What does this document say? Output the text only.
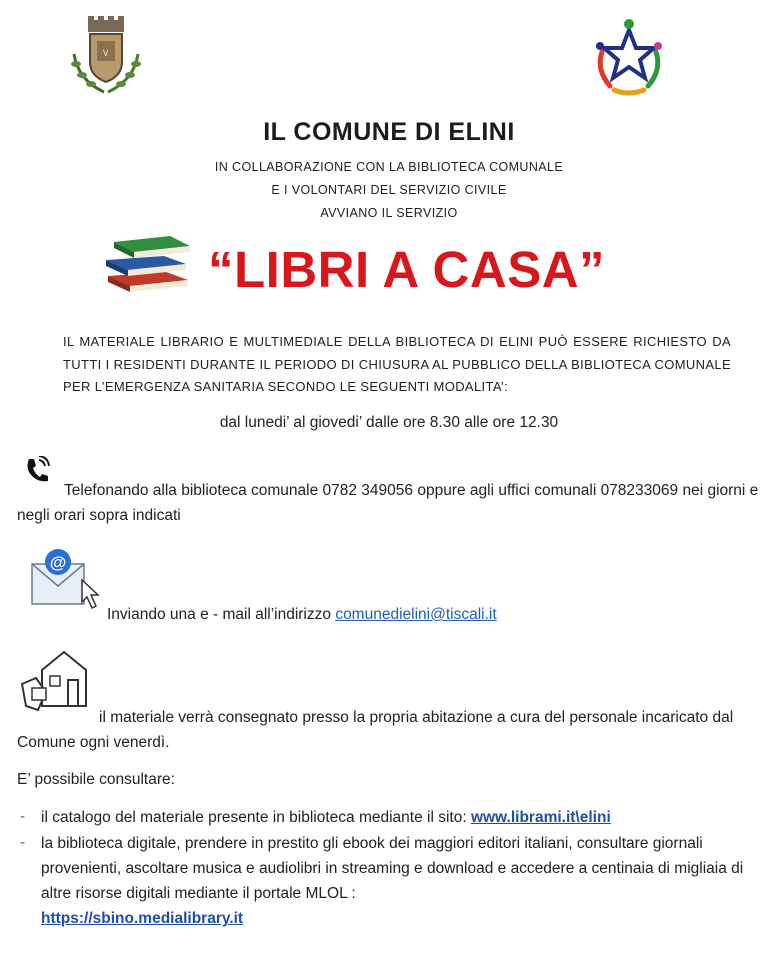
Ꮩ
IL COMUNE DI ELINI
IN COLLABORAZIONE CON LA BIBLIOTECA COMUNALE
E I VOLONTARI DEL SERVIZIO CIVILE
AVVIANO IL SERVIZIO
“LIBRI A CASA”
IL MATERIALE LIBRARIO E MULTIMEDIALE DELLA BIBLIOTECA DI ELINI PUÒ ESSERE RICHIESTO DA TUTTI I RESIDENTI DURANTE IL PERIODO DI CHIUSURA AL PUBBLICO DELLA BIBLIOTECA COMUNALE PER L’EMERGENZA SANITARIA SECONDO LE SEGUENTI MODALITA’:
dal lunedi’ al giovedi’ dalle ore 8.30 alle ore 12.30
Telefonando alla biblioteca comunale 0782 349056 oppure agli uffici comunali 078233069 nei giorni e negli orari sopra indicati
@
Inviando una e - mail all’indirizzo comunedielini@tiscali.it
il materiale verrà consegnato presso la propria abitazione a cura del personale incaricato dal Comune ogni venerdì.
E’ possibile consultare:
- il catalogo del materiale presente in biblioteca mediante il sito: www.librami.it\elini
- la biblioteca digitale, prendere in prestito gli ebook dei maggiori editori italiani, consultare giornali provenienti, ascoltare musica e audiolibri in streaming e download e accedere a centinaia di migliaia di altre risorse digitali mediante il portale MLOL :
https://sbino.medialibrary.it
